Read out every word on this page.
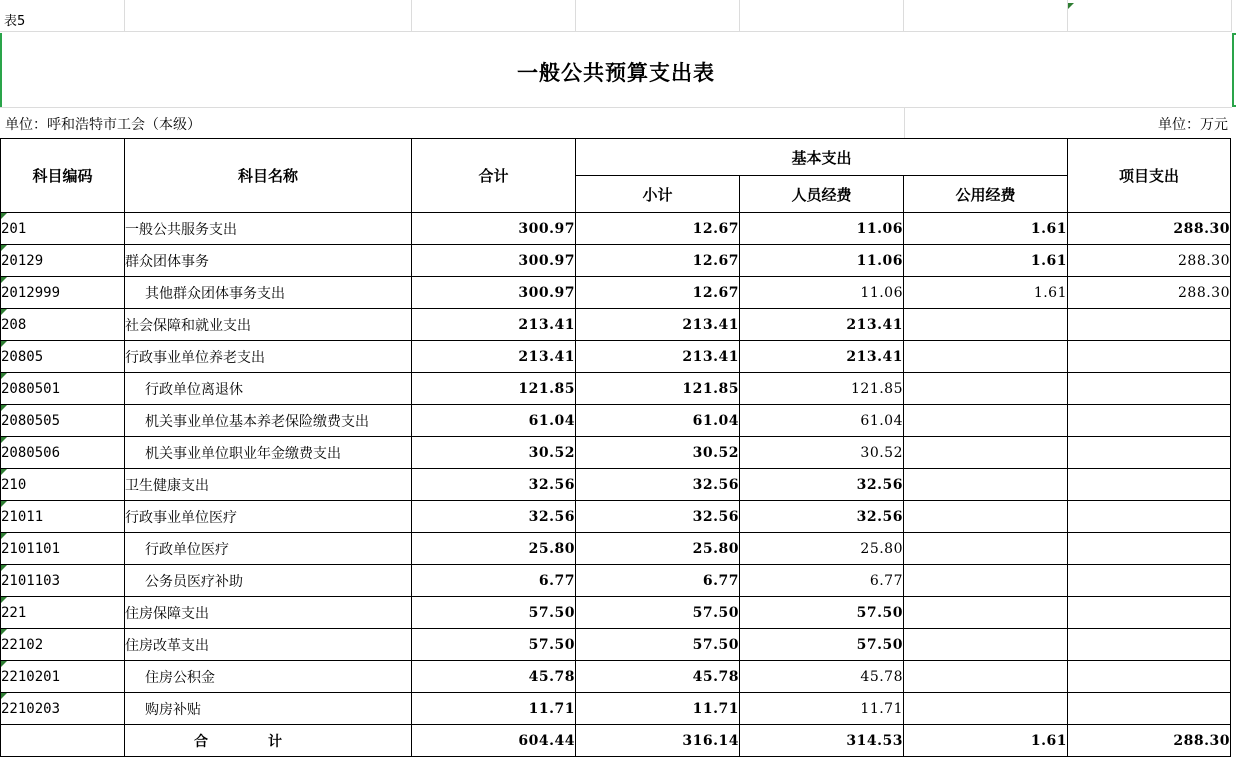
表5
一般公共预算支出表
单位：呼和浩特市工会（本级）	单位：万元
科目编码	科目名称	合计	基本支出			项目支出
			小计	人员经费	公用经费	

201	一般公共服务支出	300.97	12.67	11.06	1.61	288.30

20129	群众团体事务	300.97	12.67	11.06	1.61	288.30

2012999	其他群众团体事务支出	300.97	12.67	11.06	1.61	288.30

208	社会保障和就业支出	213.41	213.41	213.41		

20805	行政事业单位养老支出	213.41	213.41	213.41		

2080501	行政单位离退休	121.85	121.85	121.85		

2080505	机关事业单位基本养老保险缴费支出	61.04	61.04	61.04		

2080506	机关事业单位职业年金缴费支出	30.52	30.52	30.52		

210	卫生健康支出	32.56	32.56	32.56		

21011	行政事业单位医疗	32.56	32.56	32.56		

2101101	行政单位医疗	25.80	25.80	25.80		

2101103	公务员医疗补助	6.77	6.77	6.77		

221	住房保障支出	57.50	57.50	57.50		

22102	住房改革支出	57.50	57.50	57.50		

2210201	住房公积金	45.78	45.78	45.78		

2210203	购房补贴	11.71	11.71	11.71		
	合计	604.44	316.14	314.53	1.61	288.30
